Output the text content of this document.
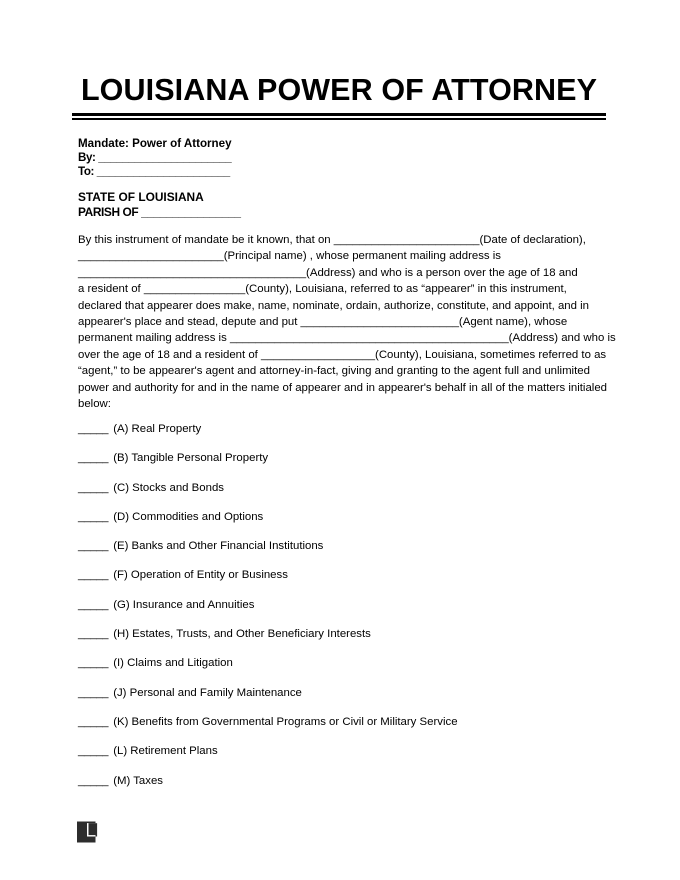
LOUISIANA POWER OF ATTORNEY
Mandate: Power of Attorney
By: ______________________
To: ______________________
STATE OF LOUISIANA
PARISH OF ________________
By this instrument of mandate be it known, that on _______________________(Date of declaration),
_______________________(Principal name) , whose permanent mailing address is
____________________________________(Address) and who is a person over the age of 18 and
a resident of ________________(County), Louisiana, referred to as “appearer” in this instrument,
declared that appearer does make, name, nominate, ordain, authorize, constitute, and appoint, and in
appearer's place and stead, depute and put _________________________(Agent name), whose
permanent mailing address is ____________________________________________(Address) and who is
over the age of 18 and a resident of __________________(County), Louisiana, sometimes referred to as
“agent,” to be appearer's agent and attorney-in-fact, giving and granting to the agent full and unlimited
power and authority for and in the name of appearer and in appearer's behalf in all of the matters initialed
below:
_____ (A) Real Property
_____ (B) Tangible Personal Property
_____ (C) Stocks and Bonds
_____ (D) Commodities and Options
_____ (E) Banks and Other Financial Institutions
_____ (F) Operation of Entity or Business
_____ (G) Insurance and Annuities
_____ (H) Estates, Trusts, and Other Beneficiary Interests
_____ (I) Claims and Litigation
_____ (J) Personal and Family Maintenance
_____ (K) Benefits from Governmental Programs or Civil or Military Service
_____ (L) Retirement Plans
_____ (M) Taxes
